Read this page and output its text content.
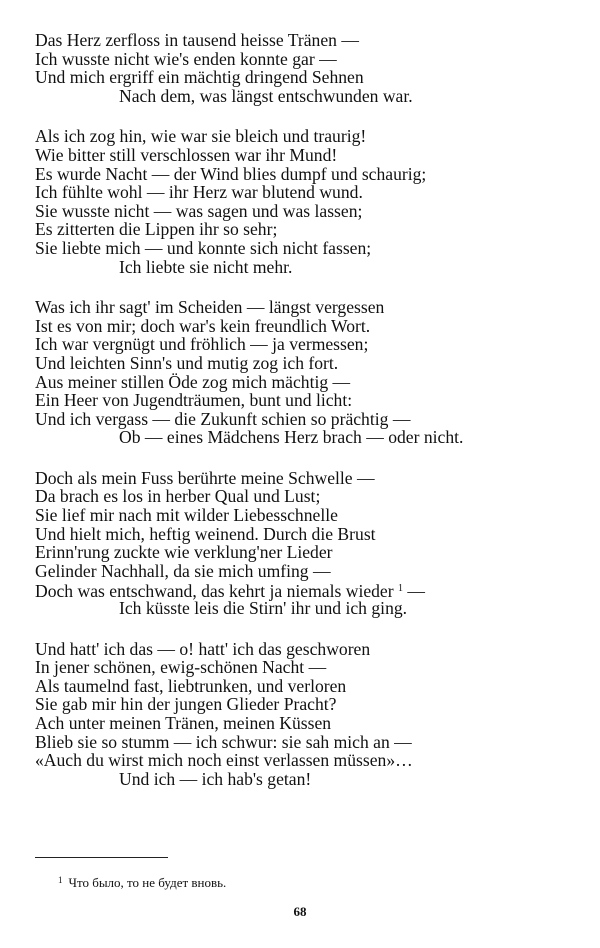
Das Herz zerfloss in tausend heisse Tränen —
Ich wusste nicht wie's enden konnte gar —
Und mich ergriff ein mächtig dringend Sehnen
Nach dem, was längst entschwunden war.
Als ich zog hin, wie war sie bleich und traurig!
Wie bitter still verschlossen war ihr Mund!
Es wurde Nacht — der Wind blies dumpf und schaurig;
Ich fühlte wohl — ihr Herz war blutend wund.
Sie wusste nicht — was sagen und was lassen;
Es zitterten die Lippen ihr so sehr;
Sie liebte mich — und konnte sich nicht fassen;
Ich liebte sie nicht mehr.
Was ich ihr sagt' im Scheiden — längst vergessen
Ist es von mir; doch war's kein freundlich Wort.
Ich war vergnügt und fröhlich — ja vermessen;
Und leichten Sinn's und mutig zog ich fort.
Aus meiner stillen Öde zog mich mächtig —
Ein Heer von Jugendträumen, bunt und licht:
Und ich vergass — die Zukunft schien so prächtig —
Ob — eines Mädchens Herz brach — oder nicht.
Doch als mein Fuss berührte meine Schwelle —
Da brach es los in herber Qual und Lust;
Sie lief mir nach mit wilder Liebesschnelle
Und hielt mich, heftig weinend. Durch die Brust
Erinn'rung zuckte wie verklung'ner Lieder
Gelinder Nachhall, da sie mich umfing —
Doch was entschwand, das kehrt ja niemals wieder $^1$ —
Ich küsste leis die Stirn' ihr und ich ging.
Und hatt' ich das — o! hatt' ich das geschworen
In jener schönen, ewig-schönen Nacht —
Als taumelnd fast, liebtrunken, und verloren
Sie gab mir hin der jungen Glieder Pracht?
Ach unter meinen Tränen, meinen Küssen
Blieb sie so stumm — ich schwur: sie sah mich an —
«Auch du wirst mich noch einst verlassen müssen»…
Und ich — ich hab's getan!
$^1$ Что было, то не будет вновь.
68
